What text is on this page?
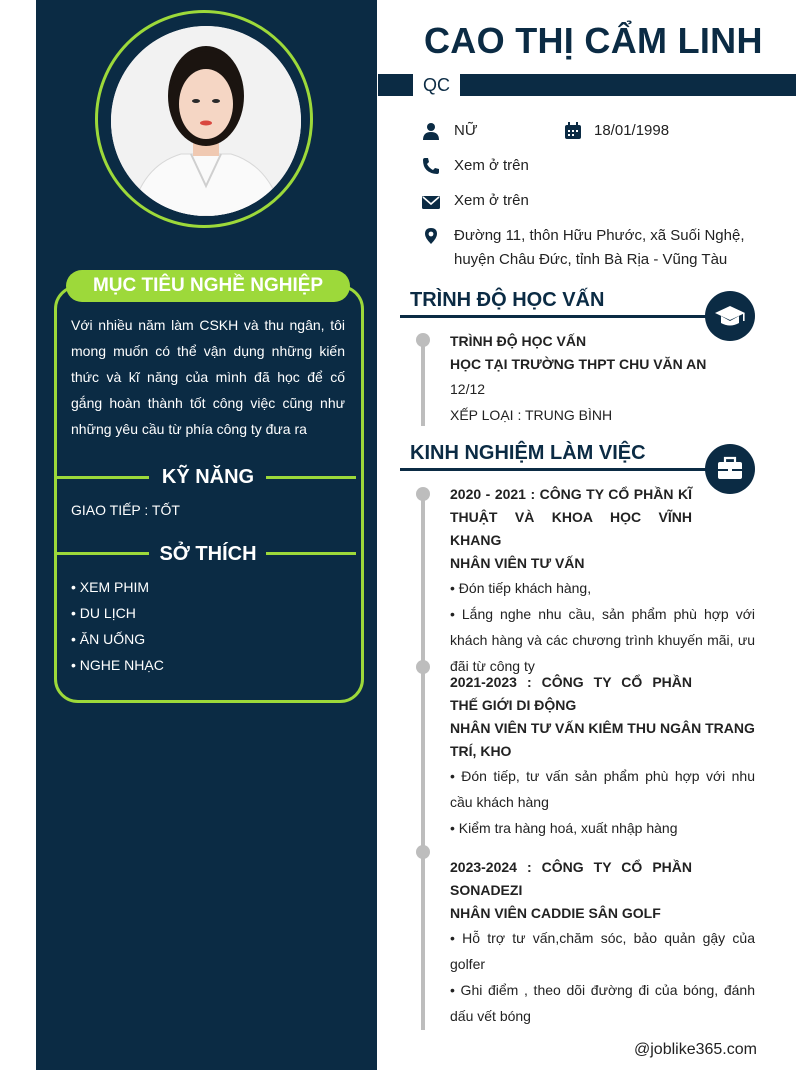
MỤC TIÊU NGHỀ NGHIỆP
Với nhiều năm làm CSKH và thu ngân, tôi mong muốn có thể vận dụng những kiến thức và kĩ năng của mình đã học để cố gắng hoàn thành tốt công việc cũng như những yêu cầu từ phía công ty đưa ra
KỸ NĂNG
GIAO TIẾP : TỐT
SỞ THÍCH
• XEM PHIM
• DU LỊCH
• ĂN UỐNG
• NGHE NHẠC
CAO THỊ CẨM LINH
QC
NỮ	18/01/1998
Xem ở trên
Xem ở trên
Đường 11, thôn Hữu Phước, xã Suối Nghệ,
huyện Châu Đức, tỉnh Bà Rịa - Vũng Tàu
TRÌNH ĐỘ HỌC VẤN
TRÌNH ĐỘ HỌC VẤN
HỌC TẠI TRƯỜNG THPT CHU VĂN AN
12/12
XẾP LOẠI : TRUNG BÌNH
KINH NGHIỆM LÀM VIỆC
2020 - 2021 : CÔNG TY CỔ PHẦN KĨ THUẬT VÀ KHOA HỌC VĨNH KHANG
NHÂN VIÊN TƯ VẤN
• Đón tiếp khách hàng,
• Lắng nghe nhu cầu, sản phẩm phù hợp với khách hàng và các chương trình khuyến mãi, ưu đãi từ công ty
2021-2023 : CÔNG TY CỔ PHẦN THẾ GIỚI DI ĐỘNG
NHÂN VIÊN TƯ VẤN KIÊM THU NGÂN TRANG TRÍ, KHO
• Đón tiếp, tư vấn sản phẩm phù hợp với nhu cầu khách hàng
• Kiểm tra hàng hoá, xuất nhập hàng
2023-2024 : CÔNG TY CỔ PHẦN SONADEZI
NHÂN VIÊN CADDIE SÂN GOLF
• Hỗ trợ tư vấn,chăm sóc, bảo quản gậy của golfer
• Ghi điểm , theo dõi đường đi của bóng, đánh dấu vết bóng
@joblike365.com
